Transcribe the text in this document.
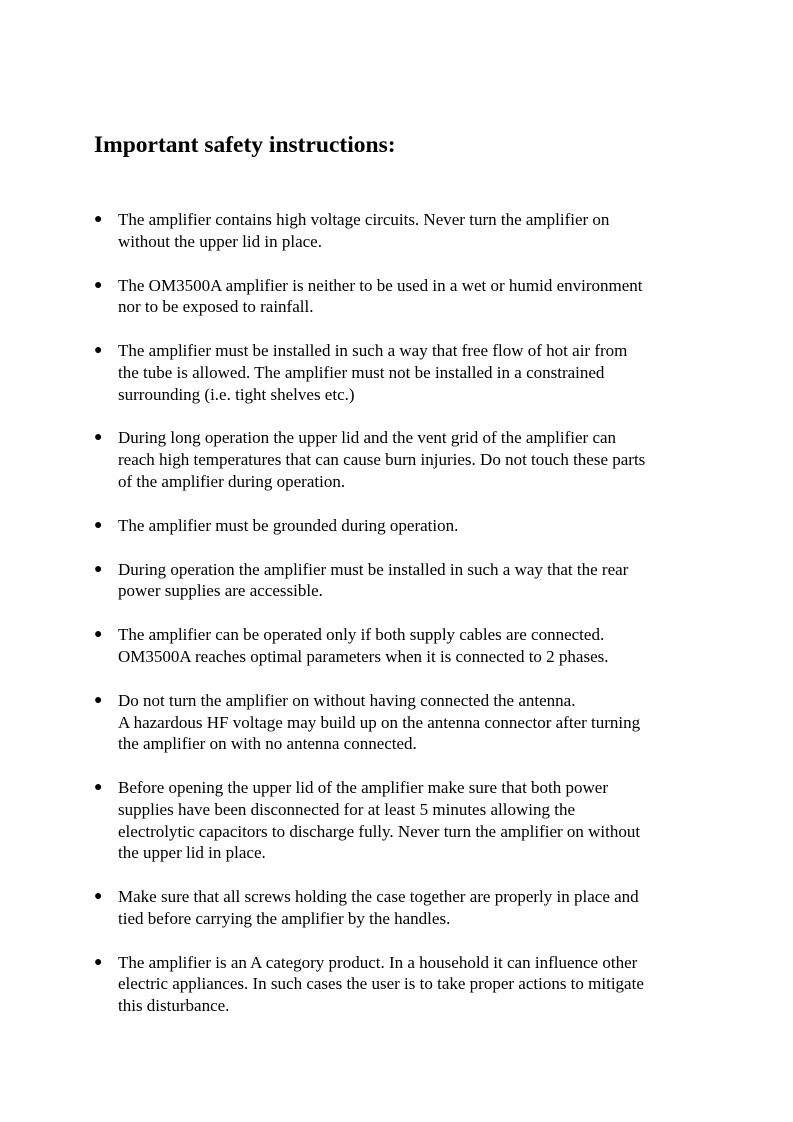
Important safety instructions:
● The amplifier contains high voltage circuits. Never turn the amplifier on
without the upper lid in place.
● The OM3500A amplifier is neither to be used in a wet or humid environment
nor to be exposed to rainfall.
● The amplifier must be installed in such a way that free flow of hot air from
the tube is allowed. The amplifier must not be installed in a constrained
surrounding (i.e. tight shelves etc.)
● During long operation the upper lid and the vent grid of the amplifier can
reach high temperatures that can cause burn injuries. Do not touch these parts
of the amplifier during operation.
● The amplifier must be grounded during operation.
● During operation the amplifier must be installed in such a way that the rear
power supplies are accessible.
● The amplifier can be operated only if both supply cables are connected.
OM3500A reaches optimal parameters when it is connected to 2 phases.
● Do not turn the amplifier on without having connected the antenna.
A hazardous HF voltage may build up on the antenna connector after turning
the amplifier on with no antenna connected.
● Before opening the upper lid of the amplifier make sure that both power
supplies have been disconnected for at least 5 minutes allowing the
electrolytic capacitors to discharge fully. Never turn the amplifier on without
the upper lid in place.
● Make sure that all screws holding the case together are properly in place and
tied before carrying the amplifier by the handles.
● The amplifier is an A category product. In a household it can influence other
electric appliances. In such cases the user is to take proper actions to mitigate
this disturbance.
